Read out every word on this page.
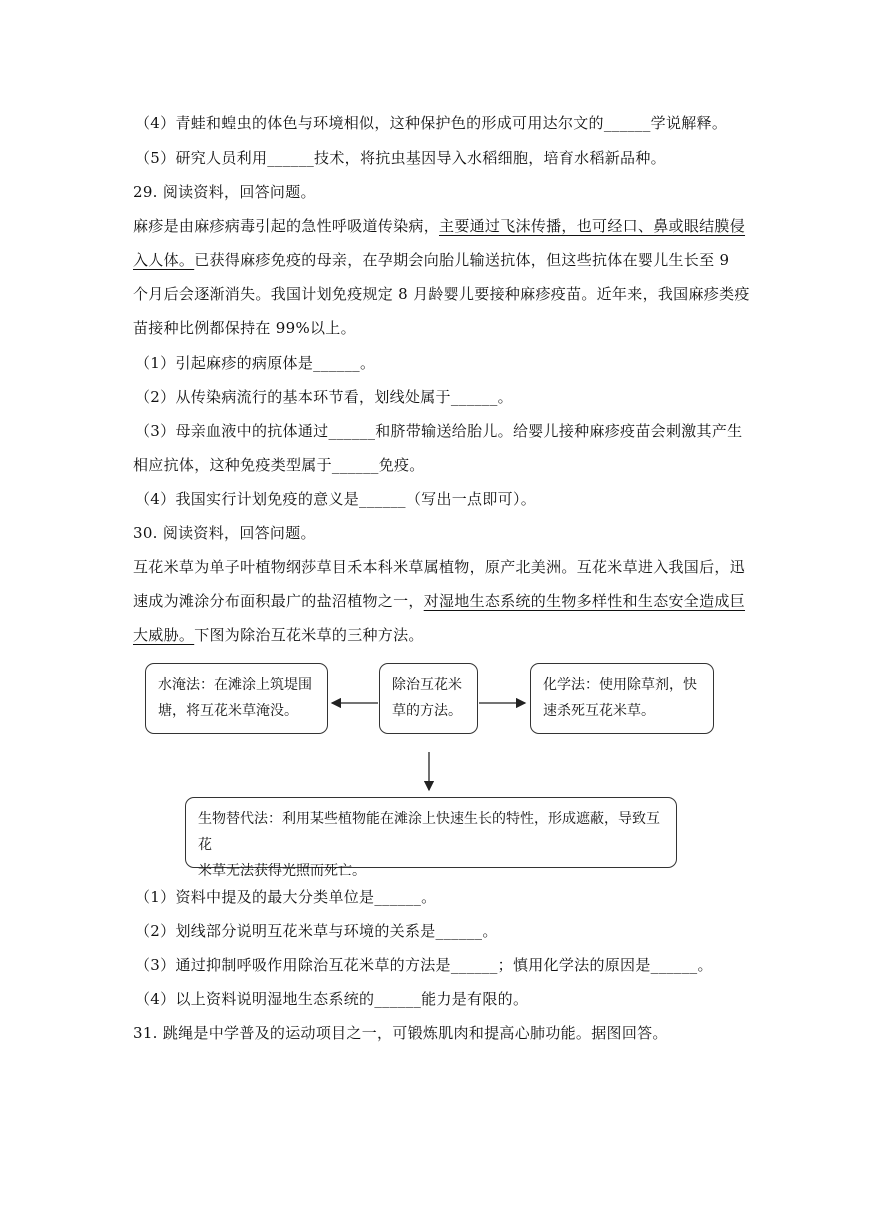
（4）青蛙和蝗虫的体色与环境相似，这种保护色的形成可用达尔文的______学说解释。
（5）研究人员利用______技术，将抗虫基因导入水稻细胞，培育水稻新品种。
29. 阅读资料，回答问题。
麻疹是由麻疹病毒引起的急性呼吸道传染病，主要通过飞沫传播，也可经口、鼻或眼结膜侵
入人体。已获得麻疹免疫的母亲，在孕期会向胎儿输送抗体，但这些抗体在婴儿生长至 9
个月后会逐渐消失。我国计划免疫规定 8 月龄婴儿要接种麻疹疫苗。近年来，我国麻疹类疫
苗接种比例都保持在 99%以上。
（1）引起麻疹的病原体是______。
（2）从传染病流行的基本环节看，划线处属于______。
（3）母亲血液中的抗体通过______和脐带输送给胎儿。给婴儿接种麻疹疫苗会刺激其产生
相应抗体，这种免疫类型属于______免疫。
（4）我国实行计划免疫的意义是______（写出一点即可）。
30. 阅读资料，回答问题。
互花米草为单子叶植物纲莎草目禾本科米草属植物，原产北美洲。互花米草进入我国后，迅
速成为滩涂分布面积最广的盐沼植物之一，对湿地生态系统的生物多样性和生态安全造成巨
大威胁。下图为除治互花米草的三种方法。
水淹法：在滩涂上筑堤围
塘，将互花米草淹没。
除治互花米
草的方法。
化学法：使用除草剂，快
速杀死互花米草。
生物替代法：利用某些植物能在滩涂上快速生长的特性，形成遮蔽，导致互花
米草无法获得光照而死亡。
（1）资料中提及的最大分类单位是______。
（2）划线部分说明互花米草与环境的关系是______。
（3）通过抑制呼吸作用除治互花米草的方法是______；慎用化学法的原因是______。
（4）以上资料说明湿地生态系统的______能力是有限的。
31. 跳绳是中学普及的运动项目之一，可锻炼肌肉和提高心肺功能。据图回答。
